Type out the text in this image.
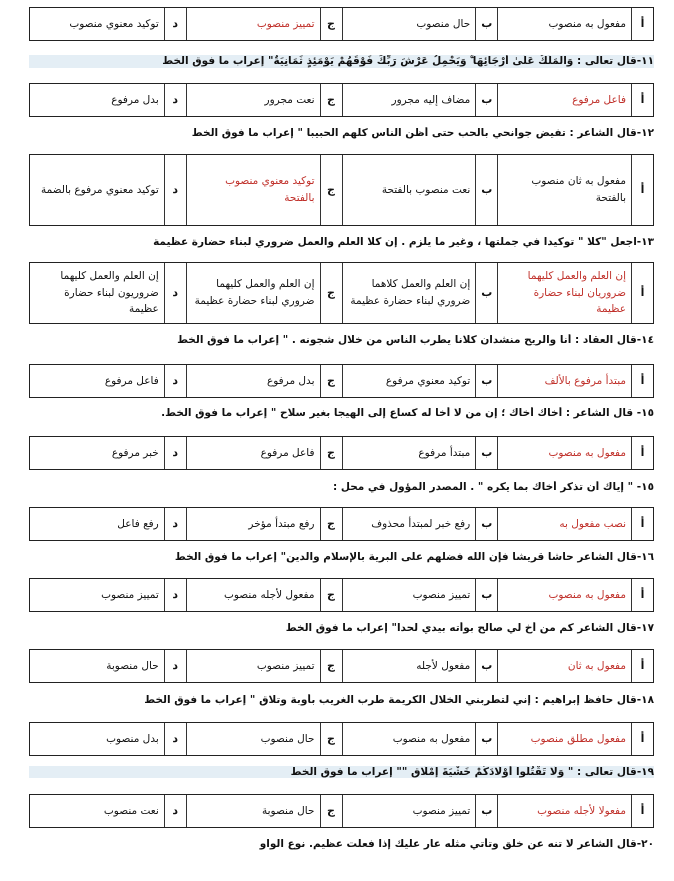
أ
مفعول به منصوب
ب
حال منصوب
ج
تمييز منصوب
د
توكيد معنوي منصوب
أ
فاعل مرفوع
ب
مضاف إليه مجرور
ج
نعت مجرور
د
بدل مرفوع
أ
مفعول به ثان منصوب بالفتحة
ب
نعت منصوب بالفتحة
ج
توكيد معنوي منصوب بالفتحة
د
توكيد معنوي مرفوع بالضمة
أ
إن العلم والعمل كليهما ضروريان لبناء حضارة عظيمة
ب
إن العلم والعمل كلاهما ضروري لبناء حضارة عظيمة
ج
إن العلم والعمل كليهما ضروري لبناء حضارة عظيمة
د
إن العلم والعمل كليهما ضروريون لبناء حضارة عظيمة
أ
مبتدأ مرفوع بالألف
ب
توكيد معنوي مرفوع
ج
بدل مرفوع
د
فاعل مرفوع
أ
مفعول به منصوب
ب
مبتدأ مرفوع
ج
فاعل مرفوع
د
خبر مرفوع
أ
نصب مفعول به
ب
رفع خبر لمبتدأ محذوف
ج
رفع مبتدأ مؤخر
د
رفع فاعل
أ
مفعول به منصوب
ب
تمييز منصوب
ج
مفعول لأجله منصوب
د
تمييز منصوب
أ
مفعول به ثان
ب
مفعول لأجله
ج
تمييز منصوب
د
حال منصوبة
أ
مفعول مطلق منصوب
ب
مفعول به منصوب
ج
حال منصوب
د
بدل منصوب
أ
مفعولا لأجله منصوب
ب
تمييز منصوب
ج
حال منصوبة
د
نعت منصوب
١١-قال تعالى : وَالْمَلَكُ عَلَىٰ أَرْجَائِهَا ۚ وَيَحْمِلُ عَرْشَ رَبِّكَ فَوْقَهُمْ يَوْمَئِذٍ ثَمَانِيَةٌ" إعراب ما فوق الخط
١٢-قال الشاعر : تفيض جوانحي بالحب حتى أظن الناس كلهم الحبيبا " إعراب ما فوق الخط
١٣-اجعل "كلا " توكيدا في جملتها ، وغير ما يلزم . إن كلا العلم والعمل ضروري لبناء حضارة عظيمة
١٤-قال العقاد : أنا والريح منشدان كلانا يطرب الناس من خلال شجونه . " إعراب ما فوق الخط
١٥- قال الشاعر : أخاك أخاك ؛ إن من لا أخا له كساع إلى الهيجا بغير سلاح " إعراب ما فوق الخط.
١٥- " إياك أن تذكر أخاك بما يكره " . المصدر المؤول في محل :
١٦-قال الشاعر حاشا قريشا فإن الله فضلهم على البرية بالإسلام والدين" إعراب ما فوق الخط
١٧-قال الشاعر كم من أخ لي صالح بوأته بيدي لحدا" إعراب ما فوق الخط
١٨-قال حافظ إبراهيم : إني لتطربني الخلال الكريمة طرب الغريب بأوبة وتلاق " إعراب ما فوق الخط
١٩-قال تعالى : " وَلَا تَقْتُلُوا أَوْلَادَكُمْ خَشْيَةَ إِمْلَاقٍ "" إعراب ما فوق الخط
٢٠-قال الشاعر لا تنه عن خلق وتأتي مثله عار عليك إذا فعلت عظيم. نوع الواو
